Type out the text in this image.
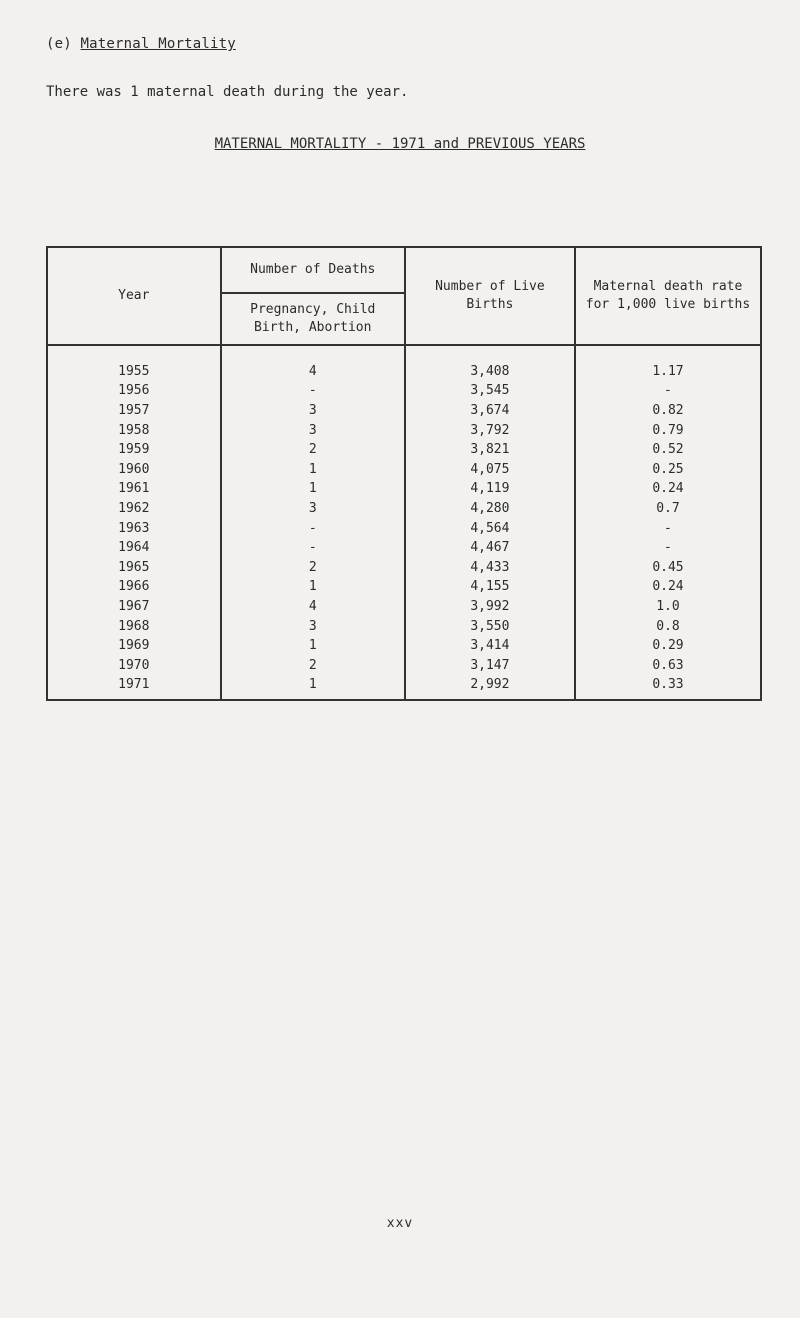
(e) Maternal Mortality
There was 1 maternal death during the year.
MATERNAL MORTALITY - 1971 and PREVIOUS YEARS
Year	Number of Deaths	Number of Live Births	Maternal death rate for 1,000 live births
	Pregnancy, Child Birth, Abortion		
1955	4	3,408	1.17
1956	-	3,545	-
1957	3	3,674	0.82
1958	3	3,792	0.79
1959	2	3,821	0.52
1960	1	4,075	0.25
1961	1	4,119	0.24
1962	3	4,280	0.7
1963	-	4,564	-
1964	-	4,467	-
1965	2	4,433	0.45
1966	1	4,155	0.24
1967	4	3,992	1.0
1968	3	3,550	0.8
1969	1	3,414	0.29
1970	2	3,147	0.63
1971	1	2,992	0.33
xxv
